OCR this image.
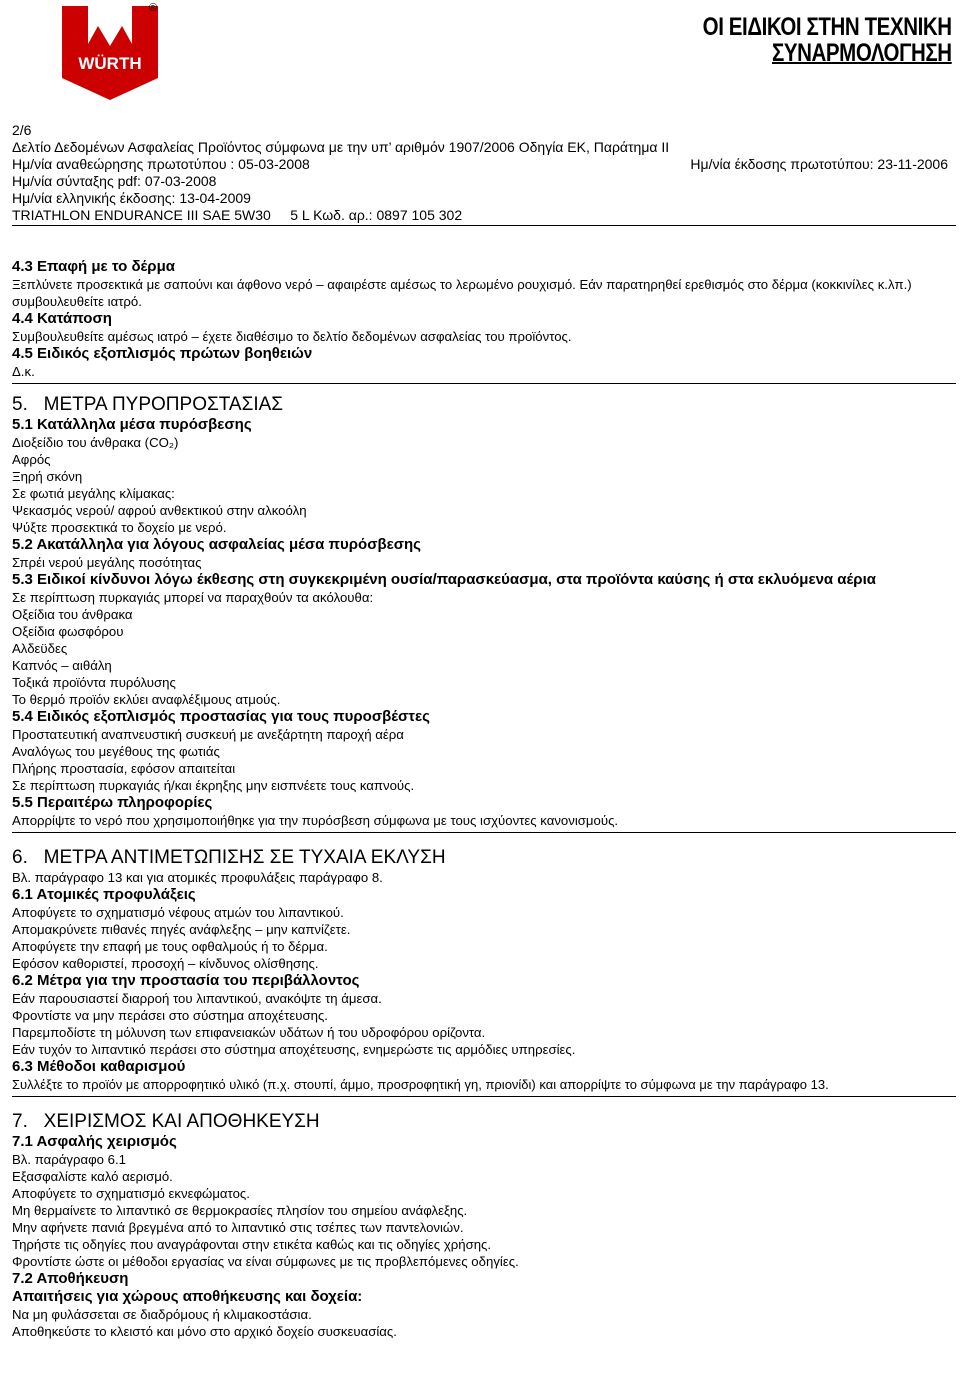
WÜRTH
®
ΟΙ ΕΙΔΙΚΟΙ ΣΤΗΝ ΤΕΧΝΙΚΗ
ΣΥΝΑΡΜΟΛΟΓΗΣΗ
2/6
Δελτίο Δεδομένων Ασφαλείας Προϊόντος σύμφωνα με την υπ’ αριθμόν 1907/2006 Οδηγία ΕΚ, Παράτημα ΙΙ
Ημ/νία αναθεώρησης πρωτοτύπου : 05-03-2008	Ημ/νία έκδοσης πρωτοτύπου: 23-11-2006
Ημ/νία σύνταξης pdf: 07-03-2008
Ημ/νία ελληνικής έκδοσης: 13-04-2009
TRIATHLON ENDURANCE III SAE 5W30     5 L Κωδ. αρ.: 0897 105 302

4.3 Επαφή με το δέρμα

Ξεπλύνετε προσεκτικά με σαπούνι και άφθονο νερό – αφαιρέστε αμέσως το λερωμένο ρουχισμό. Εάν παρατηρηθεί ερεθισμός στο δέρμα (κοκκινίλες κ.λπ.) συμβουλευθείτε ιατρό.

4.4 Κατάποση

Συμβουλευθείτε αμέσως ιατρό – έχετε διαθέσιμο το δελτίο δεδομένων ασφαλείας του προϊόντος.

4.5 Ειδικός εξοπλισμός πρώτων βοηθειών

Δ.κ.

5.   ΜΕΤΡΑ ΠΥΡΟΠΡΟΣΤΑΣΙΑΣ

5.1 Κατάλληλα μέσα πυρόσβεσης

Διοξείδιο του άνθρακα (CO₂)

Αφρός

Ξηρή σκόνη

Σε φωτιά μεγάλης κλίμακας:

Ψεκασμός νερού/ αφρού ανθεκτικού στην αλκοόλη

Ψύξτε προσεκτικά το δοχείο με νερό.

5.2 Ακατάλληλα για λόγους ασφαλείας μέσα πυρόσβεσης

Σπρέι νερού μεγάλης ποσότητας

5.3 Ειδικοί κίνδυνοι λόγω έκθεσης στη συγκεκριμένη ουσία/παρασκεύασμα, στα προϊόντα καύσης ή στα εκλυόμενα αέρια

Σε περίπτωση πυρκαγιάς μπορεί να παραχθούν τα ακόλουθα:

Οξείδια του άνθρακα

Οξείδια φωσφόρου

Αλδεϋδες

Καπνός – αιθάλη

Τοξικά προϊόντα πυρόλυσης

Το θερμό προϊόν εκλύει αναφλέξιμους ατμούς.

5.4 Ειδικός εξοπλισμός προστασίας για τους πυροσβέστες

Προστατευτική αναπνευστική συσκευή με ανεξάρτητη παροχή αέρα

Αναλόγως του μεγέθους της φωτιάς

Πλήρης προστασία, εφόσον απαιτείται

Σε περίπτωση πυρκαγιάς ή/και έκρηξης μην εισπνέετε τους καπνούς.

5.5 Περαιτέρω πληροφορίες

Απορρίψτε το νερό που χρησιμοποιήθηκε για την πυρόσβεση σύμφωνα με τους ισχύοντες κανονισμούς.

6.   ΜΕΤΡΑ ΑΝΤΙΜΕΤΩΠΙΣΗΣ ΣΕ ΤΥΧΑΙΑ ΕΚΛΥΣΗ

Βλ. παράγραφο 13 και για ατομικές προφυλάξεις παράγραφο 8.

6.1 Ατομικές προφυλάξεις

Αποφύγετε το σχηματισμό νέφους ατμών του λιπαντικού.

Απομακρύνετε πιθανές πηγές ανάφλεξης – μην καπνίζετε.

Αποφύγετε την επαφή με τους οφθαλμούς ή το δέρμα.

Εφόσον καθοριστεί, προσοχή – κίνδυνος ολίσθησης.

6.2 Μέτρα για την προστασία του περιβάλλοντος

Εάν παρουσιαστεί διαρροή του λιπαντικού, ανακόψτε τη άμεσα.

Φροντίστε να μην περάσει στο σύστημα αποχέτευσης.

Παρεμποδίστε τη μόλυνση των επιφανειακών υδάτων ή του υδροφόρου ορίζοντα.

Εάν τυχόν το λιπαντικό περάσει στο σύστημα αποχέτευσης, ενημερώστε τις αρμόδιες υπηρεσίες.

6.3 Μέθοδοι καθαρισμού

Συλλέξτε το προϊόν με απορροφητικό υλικό (π.χ. στουπί, άμμο, προσροφητική γη, πριονίδι) και απορρίψτε το σύμφωνα με την παράγραφο 13.

7.   ΧΕΙΡΙΣΜΟΣ ΚΑΙ ΑΠΟΘΗΚΕΥΣΗ

7.1 Ασφαλής χειρισμός

Βλ. παράγραφο 6.1

Εξασφαλίστε καλό αερισμό.

Αποφύγετε το σχηματισμό εκνεφώματος.

Μη θερμαίνετε το λιπαντικό σε θερμοκρασίες πλησίον του σημείου ανάφλεξης.

Μην αφήνετε πανιά βρεγμένα από το λιπαντικό στις τσέπες των παντελονιών.

Τηρήστε τις οδηγίες που αναγράφονται στην ετικέτα καθώς και τις οδηγίες χρήσης.

Φροντίστε ώστε οι μέθοδοι εργασίας να είναι σύμφωνες με τις προβλεπόμενες οδηγίες.

7.2 Αποθήκευση

Απαιτήσεις για χώρους αποθήκευσης και δοχεία:

Να μη φυλάσσεται σε διαδρόμους ή κλιμακοστάσια.

Αποθηκεύστε το κλειστό και μόνο στο αρχικό δοχείο συσκευασίας.
